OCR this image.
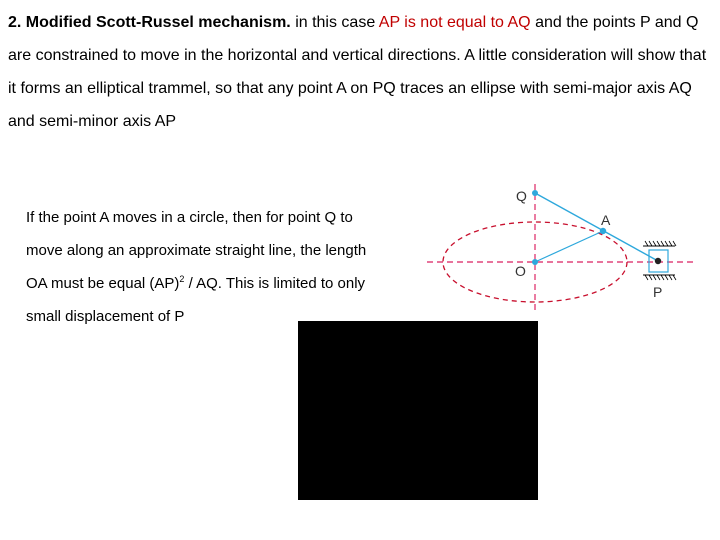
2. Modified Scott-Russel mechanism. in this case AP is not equal to AQ and the points P and Q are constrained to move in the horizontal and vertical directions. A little consideration will show that it forms an elliptical trammel, so that any point A on PQ traces an ellipse with semi-major axis AQ and semi-minor axis AP

If the point A moves in a circle, then for point Q to
move along an approximate straight line, the length
OA must be equal (AP)$^2$ / AQ. This is limited to only
small displacement of P

Q
A
O
P
